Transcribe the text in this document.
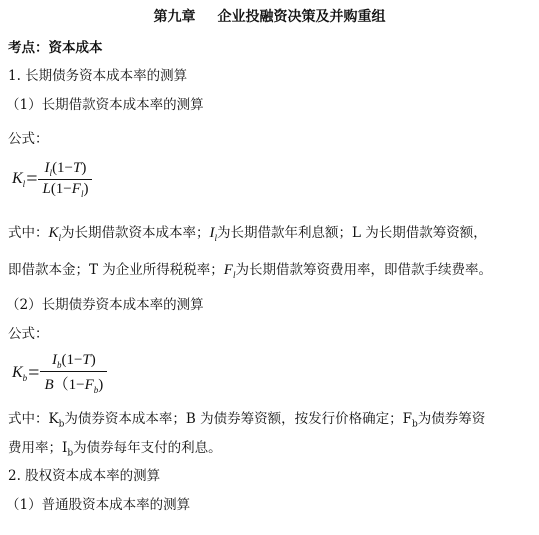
第九章 企业投融资决策及并购重组
考点：资本成本
1. 长期债务资本成本率的测算
（1）长期借款资本成本率的测算
公式：
$K_l = \frac{I_l(1-T)}{L(1-F_l)}$
式中：$K_l$为长期借款资本成本率；$I_l$为长期借款年利息额；L 为长期借款筹资额，
即借款本金；T 为企业所得税税率；$F_l$为长期借款筹资费用率，即借款手续费率。
（2）长期债券资本成本率的测算
公式：
$K_b = \frac{I_b(1-T)}{B(1-F_b)}$
式中：$K_b$为债券资本成本率；B 为债券筹资额，按发行价格确定；$F_b$为债券筹资
费用率；$I_b$为债券每年支付的利息。
2. 股权资本成本率的测算
（1）普通股资本成本率的测算
